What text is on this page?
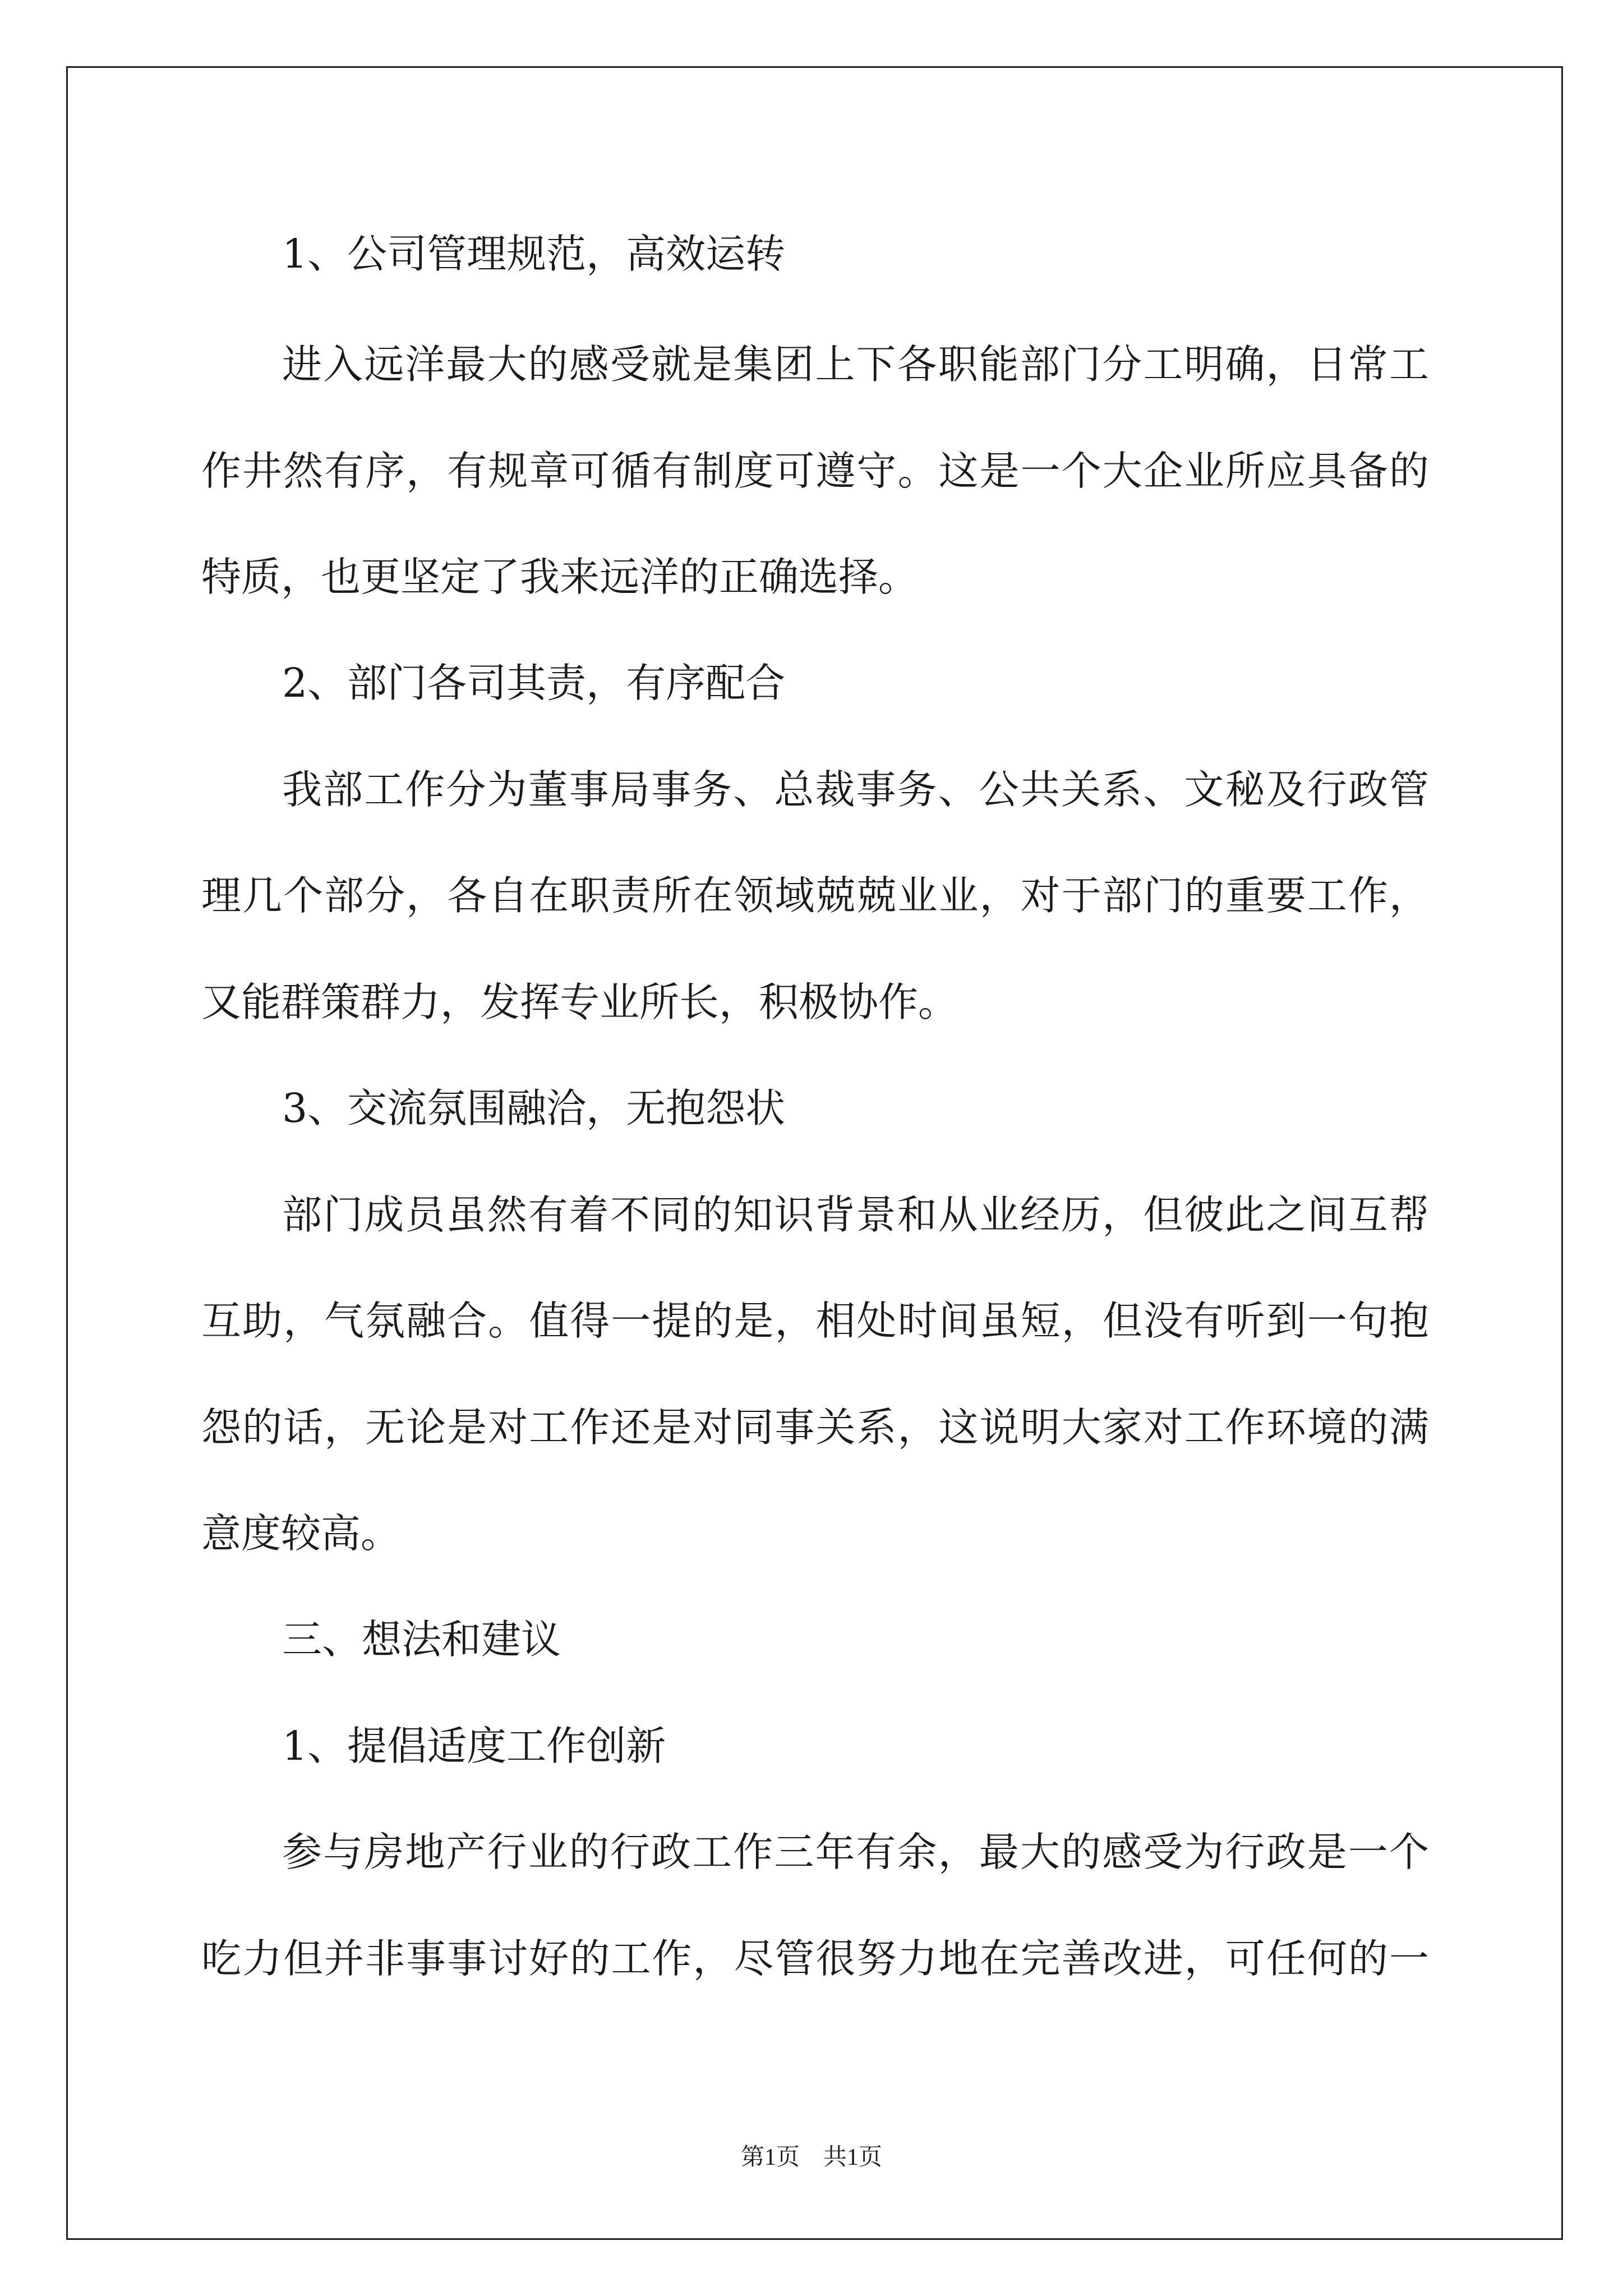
1、公司管理规范，高效运转
进入远洋最大的感受就是集团上下各职能部门分工明确，日常工
作井然有序，有规章可循有制度可遵守。这是一个大企业所应具备的
特质，也更坚定了我来远洋的正确选择。
2、部门各司其责，有序配合
我部工作分为董事局事务、总裁事务、公共关系、文秘及行政管
理几个部分，各自在职责所在领域兢兢业业，对于部门的重要工作，
又能群策群力，发挥专业所长，积极协作。
3、交流氛围融洽，无抱怨状
部门成员虽然有着不同的知识背景和从业经历，但彼此之间互帮
互助，气氛融合。值得一提的是，相处时间虽短，但没有听到一句抱
怨的话，无论是对工作还是对同事关系，这说明大家对工作环境的满
意度较高。
三、想法和建议
1、提倡适度工作创新
参与房地产行业的行政工作三年有余，最大的感受为行政是一个
吃力但并非事事讨好的工作，尽管很努力地在完善改进，可任何的一
第1页　共1页
